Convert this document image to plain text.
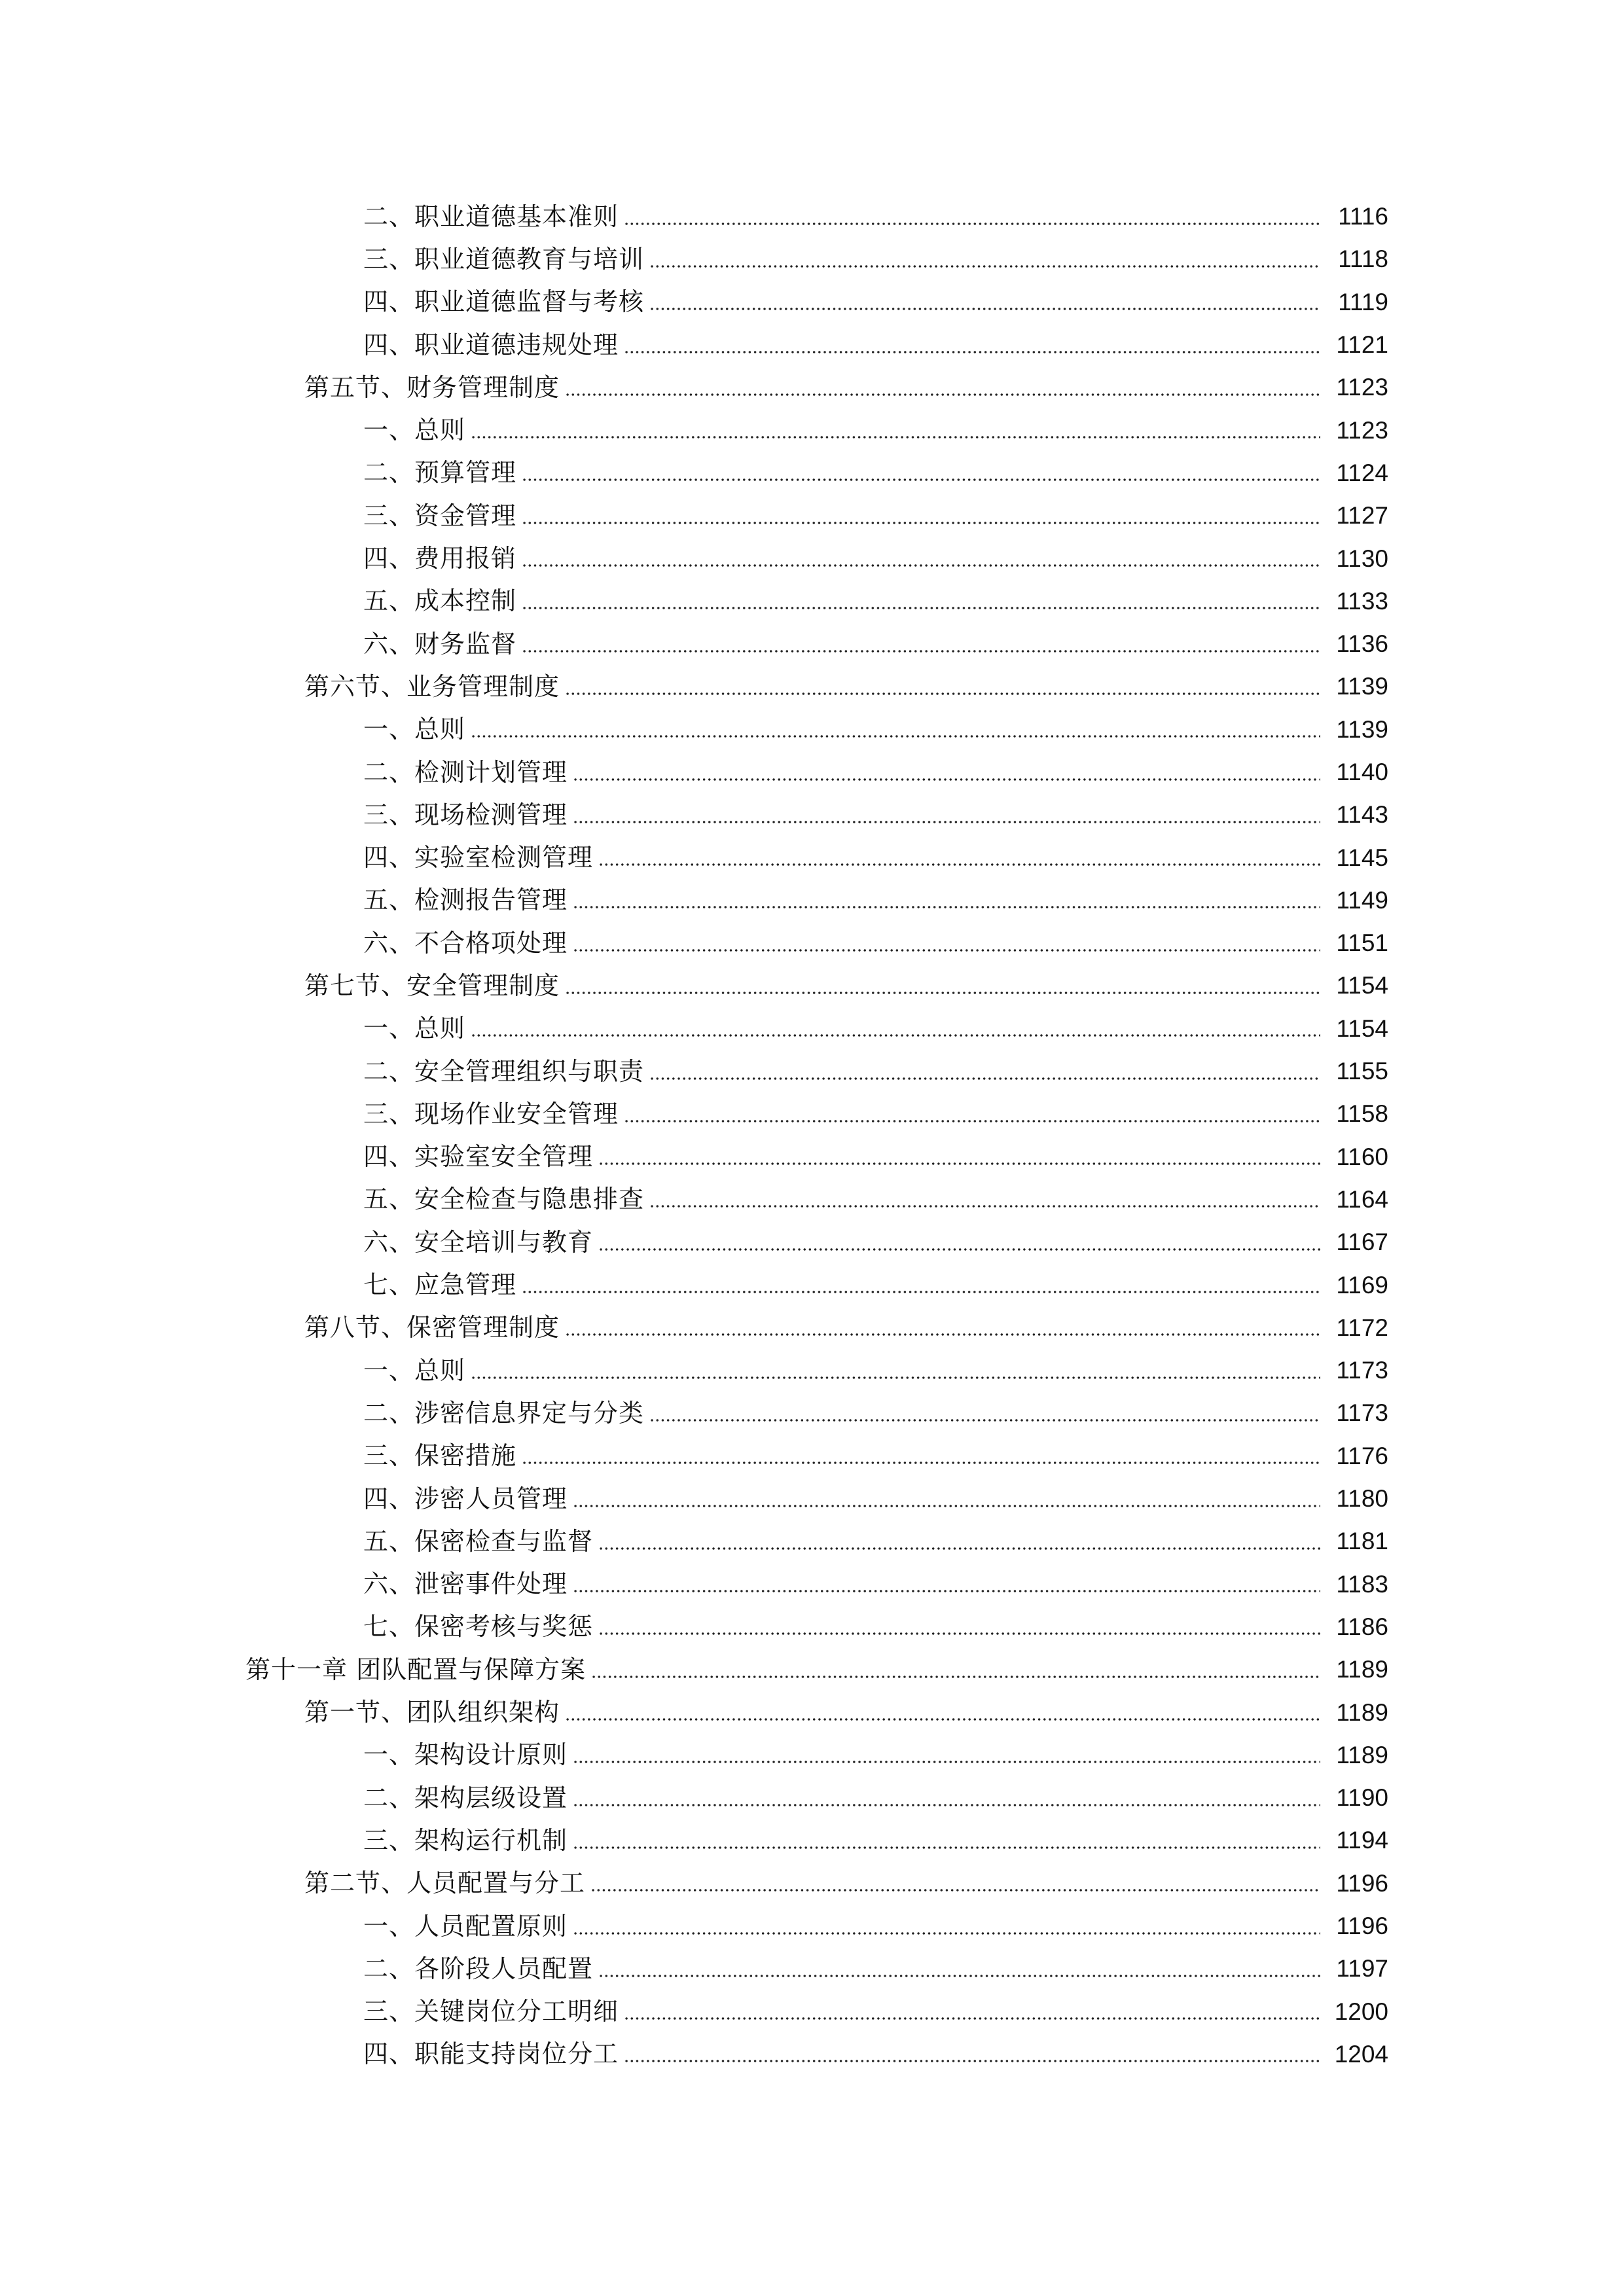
二、职业道德基本准则	1116
三、职业道德教育与培训	1118
四、职业道德监督与考核	1119
四、职业道德违规处理	1121
第五节、财务管理制度	1123
一、总则	1123
二、预算管理	1124
三、资金管理	1127
四、费用报销	1130
五、成本控制	1133
六、财务监督	1136
第六节、业务管理制度	1139
一、总则	1139
二、检测计划管理	1140
三、现场检测管理	1143
四、实验室检测管理	1145
五、检测报告管理	1149
六、不合格项处理	1151
第七节、安全管理制度	1154
一、总则	1154
二、安全管理组织与职责	1155
三、现场作业安全管理	1158
四、实验室安全管理	1160
五、安全检查与隐患排查	1164
六、安全培训与教育	1167
七、应急管理	1169
第八节、保密管理制度	1172
一、总则	1173
二、涉密信息界定与分类	1173
三、保密措施	1176
四、涉密人员管理	1180
五、保密检查与监督	1181
六、泄密事件处理	1183
七、保密考核与奖惩	1186
第十一章 团队配置与保障方案	1189
第一节、团队组织架构	1189
一、架构设计原则	1189
二、架构层级设置	1190
三、架构运行机制	1194
第二节、人员配置与分工	1196
一、人员配置原则	1196
二、各阶段人员配置	1197
三、关键岗位分工明细	1200
四、职能支持岗位分工	1204
